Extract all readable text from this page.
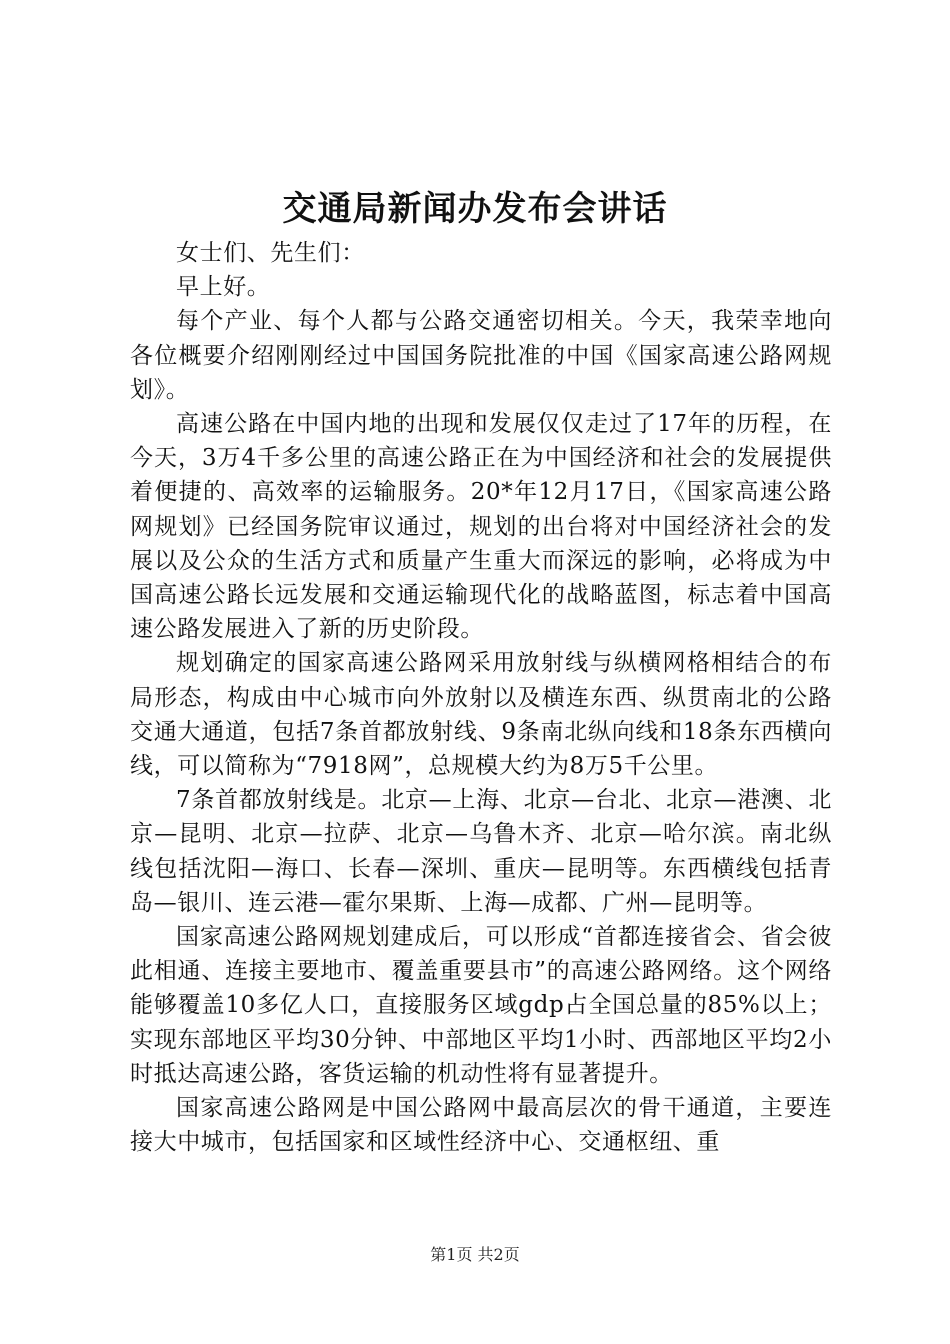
交通局新闻办发布会讲话

女士们、先生们：

早上好。

每个产业、每个人都与公路交通密切相关。今天，我荣幸地向各位概要介绍刚刚经过中国国务院批准的中国《国家高速公路网规划》。

高速公路在中国内地的出现和发展仅仅走过了17年的历程，在今天，3万4千多公里的高速公路正在为中国经济和社会的发展提供着便捷的、高效率的运输服务。20*年12月17日，《国家高速公路网规划》已经国务院审议通过，规划的出台将对中国经济社会的发展以及公众的生活方式和质量产生重大而深远的影响，必将成为中国高速公路长远发展和交通运输现代化的战略蓝图，标志着中国高速公路发展进入了新的历史阶段。

规划确定的国家高速公路网采用放射线与纵横网格相结合的布局形态，构成由中心城市向外放射以及横连东西、纵贯南北的公路交通大通道，包括7条首都放射线、9条南北纵向线和18条东西横向线，可以简称为“7918网”，总规模大约为8万5千公里。

7条首都放射线是。北京—上海、北京—台北、北京—港澳、北京—昆明、北京—拉萨、北京—乌鲁木齐、北京—哈尔滨。南北纵线包括沈阳—海口、长春—深圳、重庆—昆明等。东西横线包括青岛—银川、连云港—霍尔果斯、上海—成都、广州—昆明等。

国家高速公路网规划建成后，可以形成“首都连接省会、省会彼此相通、连接主要地市、覆盖重要县市”的高速公路网络。这个网络能够覆盖10多亿人口，直接服务区域gdp占全国总量的85%以上；实现东部地区平均30分钟、中部地区平均1小时、西部地区平均2小时抵达高速公路，客货运输的机动性将有显著提升。

国家高速公路网是中国公路网中最高层次的骨干通道，主要连接大中城市，包括国家和区域性经济中心、交通枢纽、重

第1页 共2页
